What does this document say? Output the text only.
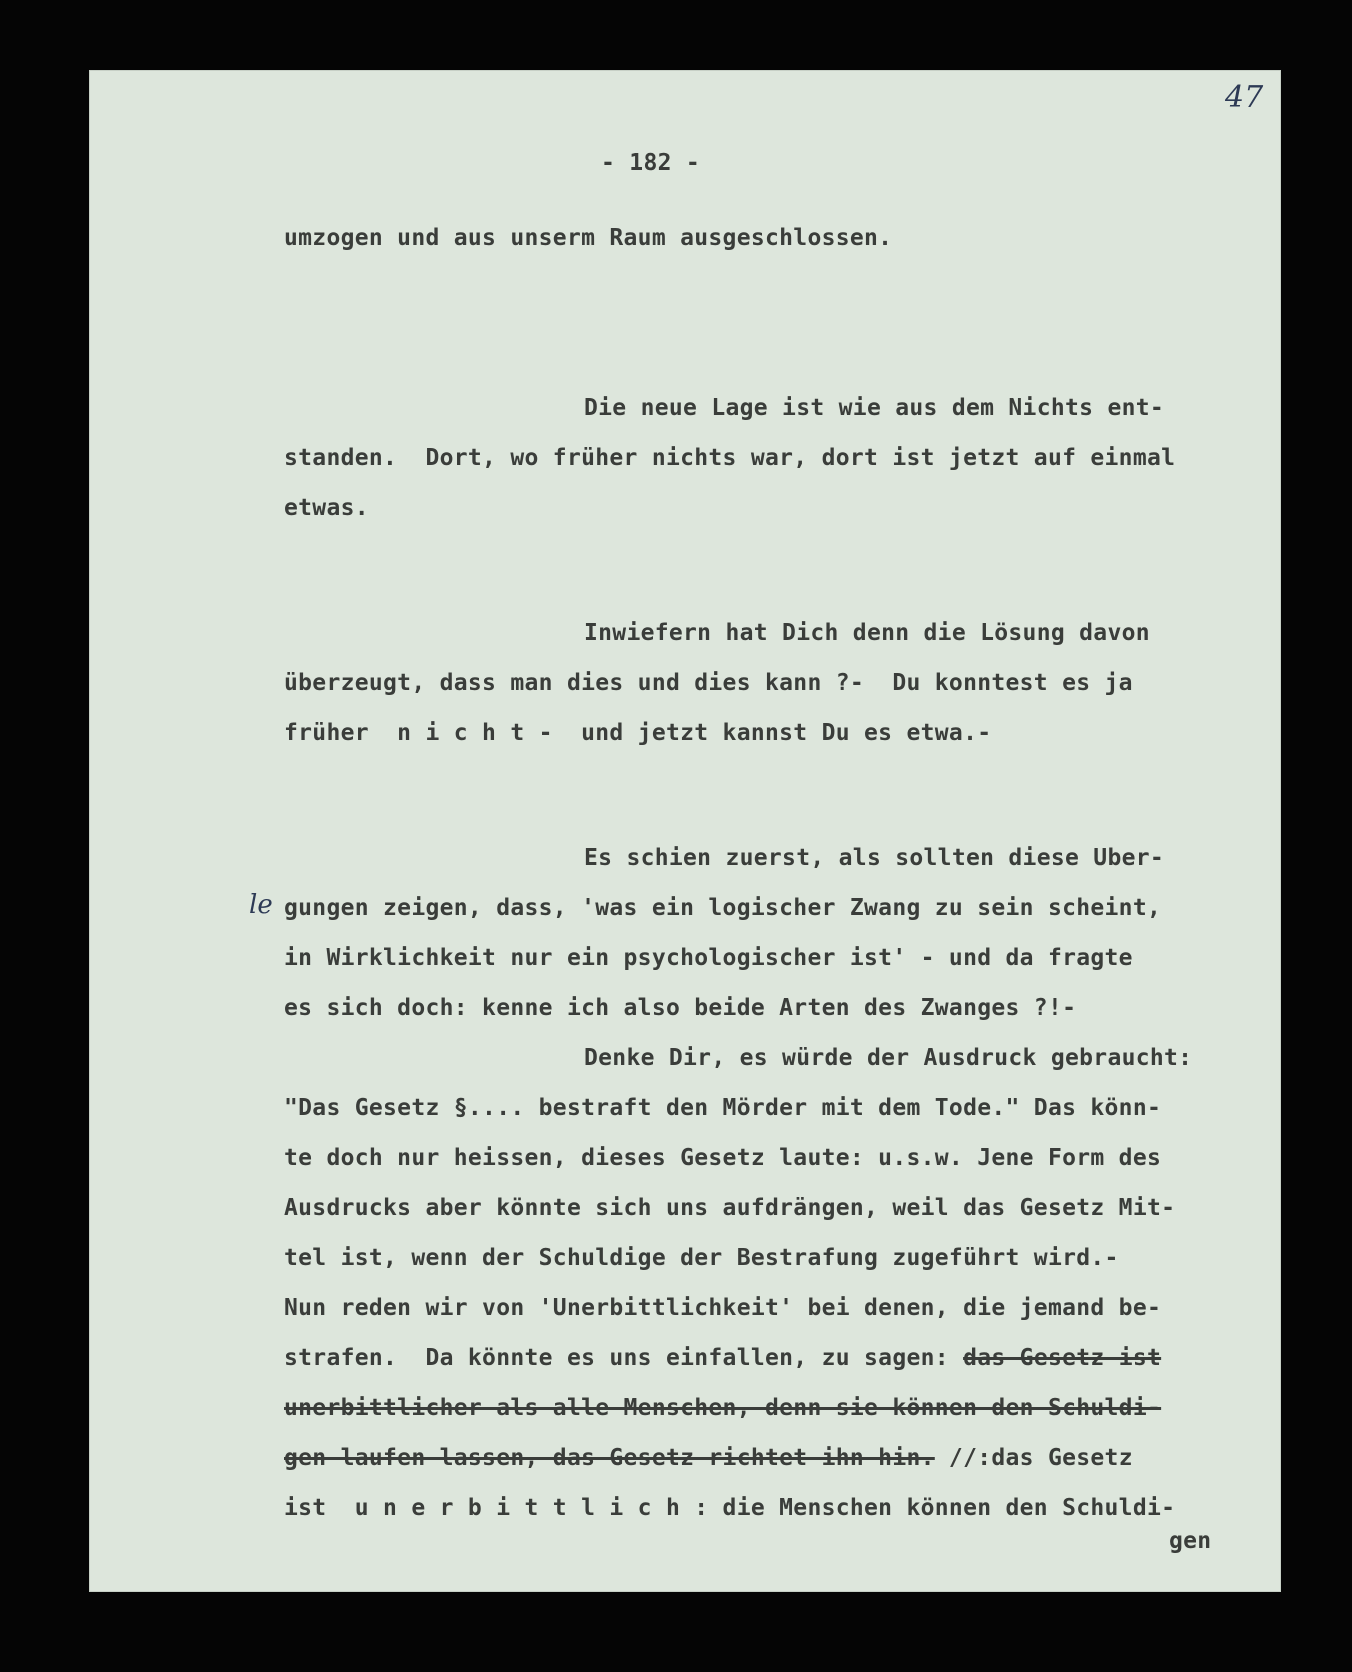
47
- 182 -
umzogen und aus unserm Raum ausgeschlossen.
Die neue Lage ist wie aus dem Nichts ent-
standen.  Dort, wo früher nichts war, dort ist jetzt auf einmal
etwas.
Inwiefern hat Dich denn die Lösung davon
überzeugt, dass man dies und dies kann ?-  Du konntest es ja
früher  n i c h t -  und jetzt kannst Du es etwa.-
Es schien zuerst, als sollten diese Uber-
le gungen zeigen, dass, 'was ein logischer Zwang zu sein scheint,
in Wirklichkeit nur ein psychologischer ist' - und da fragte
es sich doch: kenne ich also beide Arten des Zwanges ?!-
Denke Dir, es würde der Ausdruck gebraucht:
"Das Gesetz §.... bestraft den Mörder mit dem Tode." Das könn-
te doch nur heissen, dieses Gesetz laute: u.s.w. Jene Form des
Ausdrucks aber könnte sich uns aufdrängen, weil das Gesetz Mit-
tel ist, wenn der Schuldige der Bestrafung zugeführt wird.-
Nun reden wir von 'Unerbittlichkeit' bei denen, die jemand be-
strafen.  Da könnte es uns einfallen, zu sagen: das Gesetz ist
unerbittlicher als alle Menschen, denn sie können den Schuldi-
gen laufen lassen, das Gesetz richtet ihn hin. //:das Gesetz
ist  u n e r b i t t l i c h : die Menschen können den Schuldi-
gen
